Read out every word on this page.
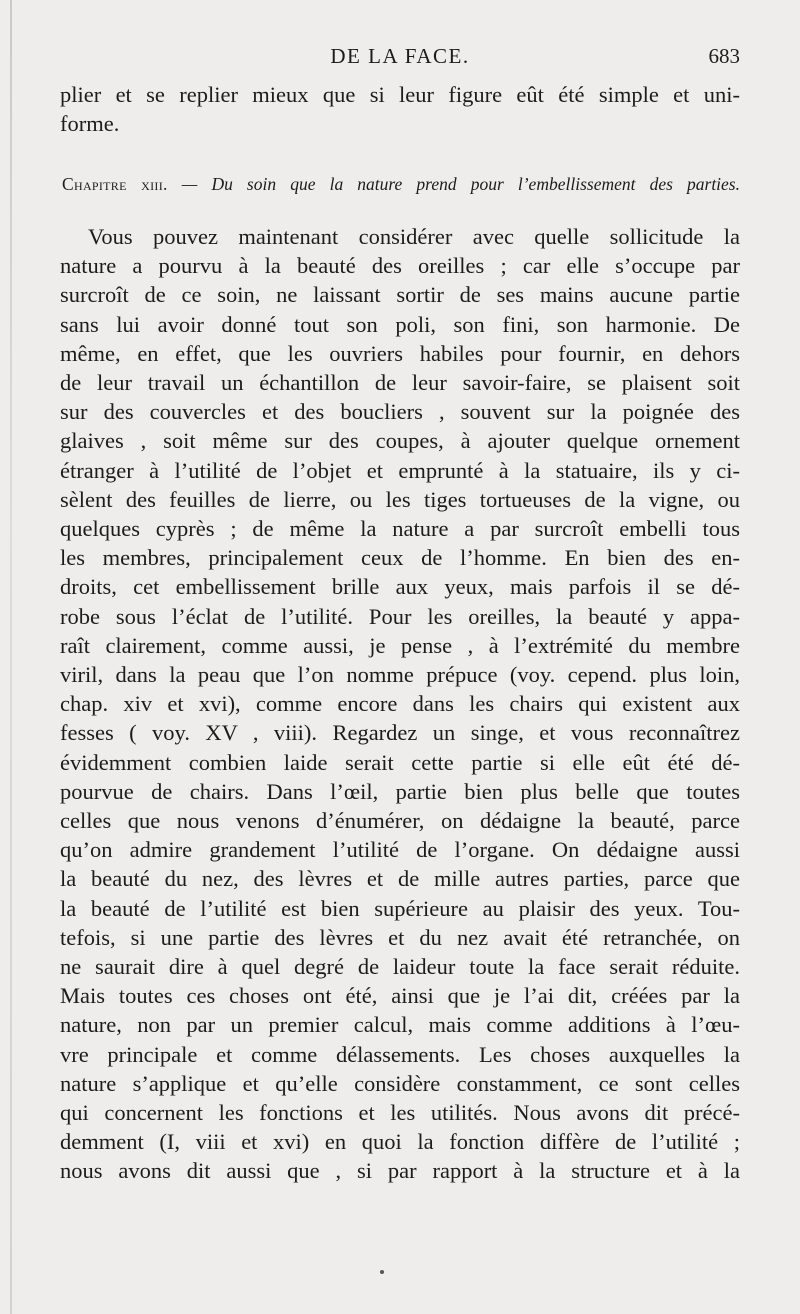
DE LA FACE.	683
plier et se replier mieux que si leur figure eût été simple et uni-
forme.
Chapitre xiii. — Du soin que la nature prend pour l’embellissement des parties.
Vous pouvez maintenant considérer avec quelle sollicitude la
nature a pourvu à la beauté des oreilles ; car elle s’occupe par
surcroît de ce soin, ne laissant sortir de ses mains aucune partie
sans lui avoir donné tout son poli, son fini, son harmonie. De
même, en effet, que les ouvriers habiles pour fournir, en dehors
de leur travail un échantillon de leur savoir-faire, se plaisent soit
sur des couvercles et des boucliers , souvent sur la poignée des
glaives , soit même sur des coupes, à ajouter quelque ornement
étranger à l’utilité de l’objet et emprunté à la statuaire, ils y ci-
sèlent des feuilles de lierre, ou les tiges tortueuses de la vigne, ou
quelques cyprès ; de même la nature a par surcroît embelli tous
les membres, principalement ceux de l’homme. En bien des en-
droits, cet embellissement brille aux yeux, mais parfois il se dé-
robe sous l’éclat de l’utilité. Pour les oreilles, la beauté y appa-
raît clairement, comme aussi, je pense , à l’extrémité du membre
viril, dans la peau que l’on nomme prépuce (voy. cepend. plus loin,
chap. xiv et xvi), comme encore dans les chairs qui existent aux
fesses ( voy. XV , viii). Regardez un singe, et vous reconnaîtrez
évidemment combien laide serait cette partie si elle eût été dé-
pourvue de chairs. Dans l’œil, partie bien plus belle que toutes
celles que nous venons d’énumérer, on dédaigne la beauté, parce
qu’on admire grandement l’utilité de l’organe. On dédaigne aussi
la beauté du nez, des lèvres et de mille autres parties, parce que
la beauté de l’utilité est bien supérieure au plaisir des yeux. Tou-
tefois, si une partie des lèvres et du nez avait été retranchée, on
ne saurait dire à quel degré de laideur toute la face serait réduite.
Mais toutes ces choses ont été, ainsi que je l’ai dit, créées par la
nature, non par un premier calcul, mais comme additions à l’œu-
vre principale et comme délassements. Les choses auxquelles la
nature s’applique et qu’elle considère constamment, ce sont celles
qui concernent les fonctions et les utilités. Nous avons dit précé-
demment (I, viii et xvi) en quoi la fonction diffère de l’utilité ;
nous avons dit aussi que , si par rapport à la structure et à la
